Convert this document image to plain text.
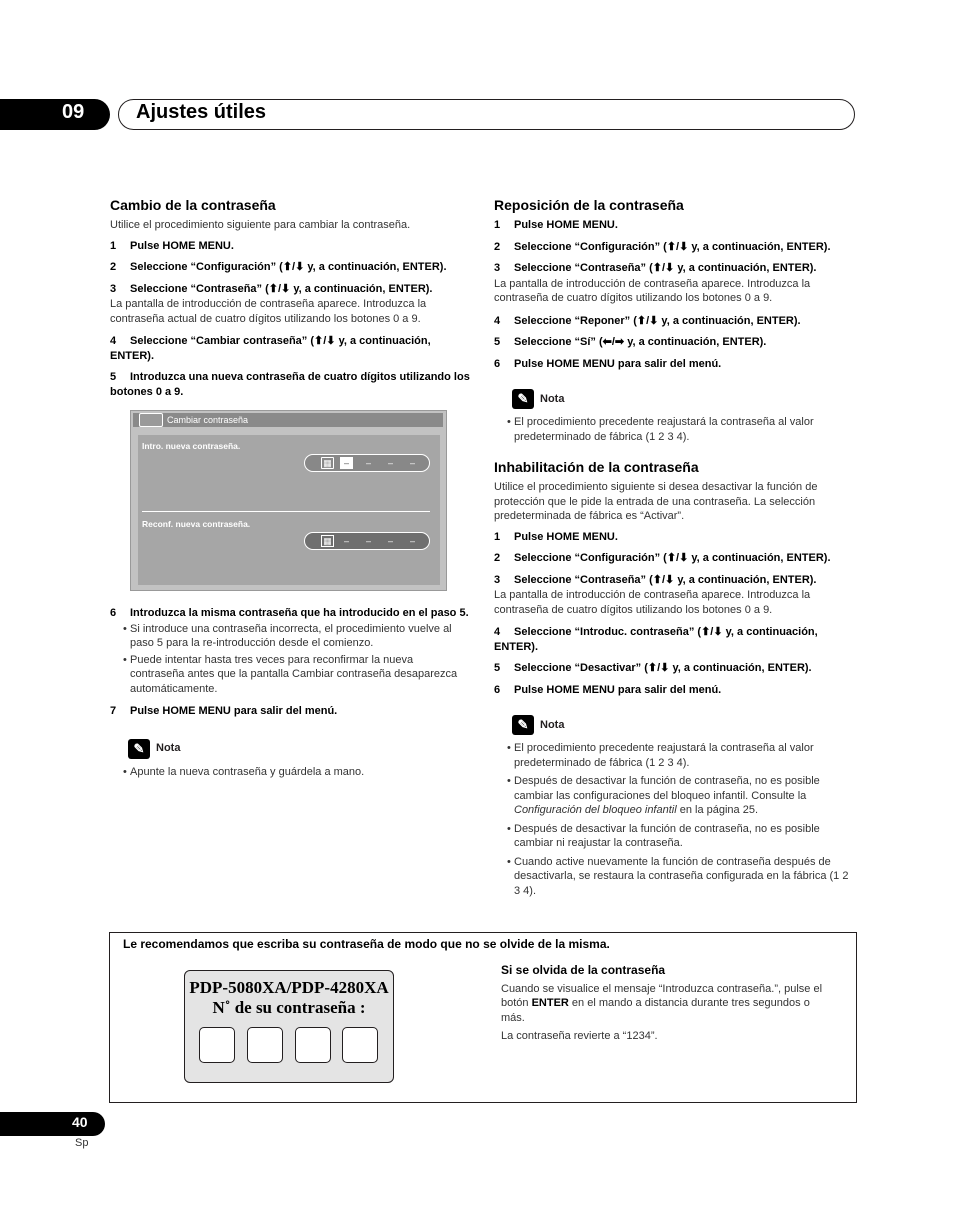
09	Ajustes útiles
Cambio de la contraseña
Utilice el procedimiento siguiente para cambiar la contraseña.
1 Pulse HOME MENU.
2 Seleccione “Configuración” (⬆/⬇ y, a continuación, ENTER).
3 Seleccione “Contraseña” (⬆/⬇ y, a continuación, ENTER).
La pantalla de introducción de contraseña aparece. Introduzca la contraseña actual de cuatro dígitos utilizando los botones 0 a 9.
4 Seleccione “Cambiar contraseña” (⬆/⬇ y, a continuación, ENTER).
5 Introduzca una nueva contraseña de cuatro dígitos utilizando los botones 0 a 9.
Cambiar contraseña
Intro. nueva contraseña.
▦	–	–	–	–
Reconf. nueva contraseña.
▦	–	–	–	–
6 Introduzca la misma contraseña que ha introducido en el paso 5.
• Si introduce una contraseña incorrecta, el procedimiento vuelve al paso 5 para la re-introducción desde el comienzo.
• Puede intentar hasta tres veces para reconfirmar la nueva contraseña antes que la pantalla Cambiar contraseña desaparezca automáticamente.
7 Pulse HOME MENU para salir del menú.
✎	Nota
• Apunte la nueva contraseña y guárdela a mano.
Reposición de la contraseña
1 Pulse HOME MENU.
2 Seleccione “Configuración” (⬆/⬇ y, a continuación, ENTER).
3 Seleccione “Contraseña” (⬆/⬇ y, a continuación, ENTER).
La pantalla de introducción de contraseña aparece. Introduzca la contraseña de cuatro dígitos utilizando los botones 0 a 9.
4 Seleccione “Reponer” (⬆/⬇ y, a continuación, ENTER).
5 Seleccione “Sí” (⬅/➡ y, a continuación, ENTER).
6 Pulse HOME MENU para salir del menú.
✎	Nota
• El procedimiento precedente reajustará la contraseña al valor predeterminado de fábrica (1 2 3 4).
Inhabilitación de la contraseña
Utilice el procedimiento siguiente si desea desactivar la función de protección que le pide la entrada de una contraseña. La selección predeterminada de fábrica es “Activar”.
1 Pulse HOME MENU.
2 Seleccione “Configuración” (⬆/⬇ y, a continuación, ENTER).
3 Seleccione “Contraseña” (⬆/⬇ y, a continuación, ENTER).
La pantalla de introducción de contraseña aparece. Introduzca la contraseña de cuatro dígitos utilizando los botones 0 a 9.
4 Seleccione “Introduc. contraseña” (⬆/⬇ y, a continuación, ENTER).
5 Seleccione “Desactivar” (⬆/⬇ y, a continuación, ENTER).
6 Pulse HOME MENU para salir del menú.
✎	Nota
• El procedimiento precedente reajustará la contraseña al valor predeterminado de fábrica (1 2 3 4).
• Después de desactivar la función de contraseña, no es posible cambiar las configuraciones del bloqueo infantil. Consulte la Configuración del bloqueo infantil en la página 25.
• Después de desactivar la función de contraseña, no es posible cambiar ni reajustar la contraseña.
• Cuando active nuevamente la función de contraseña después de desactivarla, se restaura la contraseña configurada en la fábrica (1 2 3 4).
Le recomendamos que escriba su contraseña de modo que no se olvide de la misma.
PDP-5080XA/PDP-4280XA
N˚ de su contraseña :
Si se olvida de la contraseña
Cuando se visualice el mensaje “Introduzca contraseña.”, pulse el botón ENTER en el mando a distancia durante tres segundos o más.
La contraseña revierte a “1234”.
40
Sp
